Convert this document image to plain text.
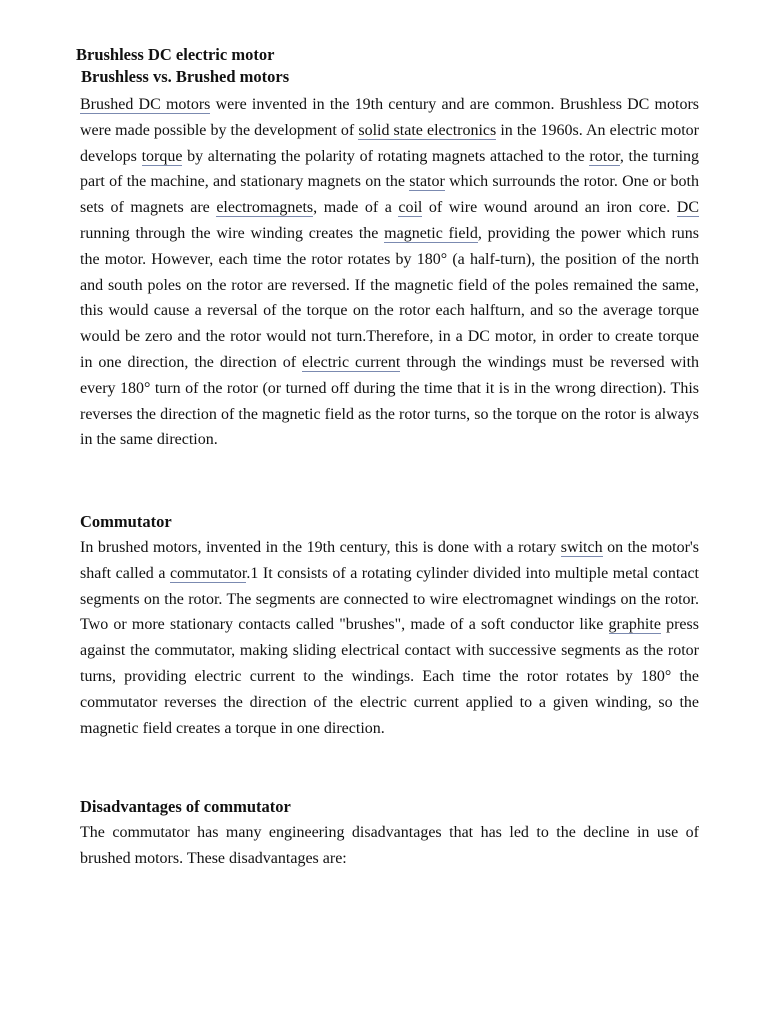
Brushless DC electric motor
Brushless vs. Brushed motors

Brushed DC motors were invented in the 19th century and are common. Brushless DC motors were made possible by the development of solid state electronics in the 1960s. An electric motor develops torque by alternating the polarity of rotating magnets attached to the rotor, the turning part of the machine, and stationary magnets on the stator which surrounds the rotor. One or both sets of magnets are electromagnets, made of a coil of wire wound around an iron core. DC running through the wire winding creates the magnetic field, providing the power which runs the motor. However, each time the rotor rotates by 180° (a half-turn), the position of the north and south poles on the rotor are reversed. If the magnetic field of the poles remained the same, this would cause a reversal of the torque on the rotor each halfturn, and so the average torque would be zero and the rotor would not turn.Therefore, in a DC motor, in order to create torque in one direction, the direction of electric current through the windings must be reversed with every 180° turn of the rotor (or turned off during the time that it is in the wrong direction). This reverses the direction of the magnetic field as the rotor turns, so the torque on the rotor is always in the same direction.

Commutator

In brushed motors, invented in the 19th century, this is done with a rotary switch on the motor's shaft called a commutator.1 It consists of a rotating cylinder divided into multiple metal contact segments on the rotor. The segments are connected to wire electromagnet windings on the rotor. Two or more stationary contacts called "brushes", made of a soft conductor like graphite press against the commutator, making sliding electrical contact with successive segments as the rotor turns, providing electric current to the windings. Each time the rotor rotates by 180° the commutator reverses the direction of the electric current applied to a given winding, so the magnetic field creates a torque in one direction.

Disadvantages of commutator

The commutator has many engineering disadvantages that has led to the decline in use of brushed motors. These disadvantages are:
